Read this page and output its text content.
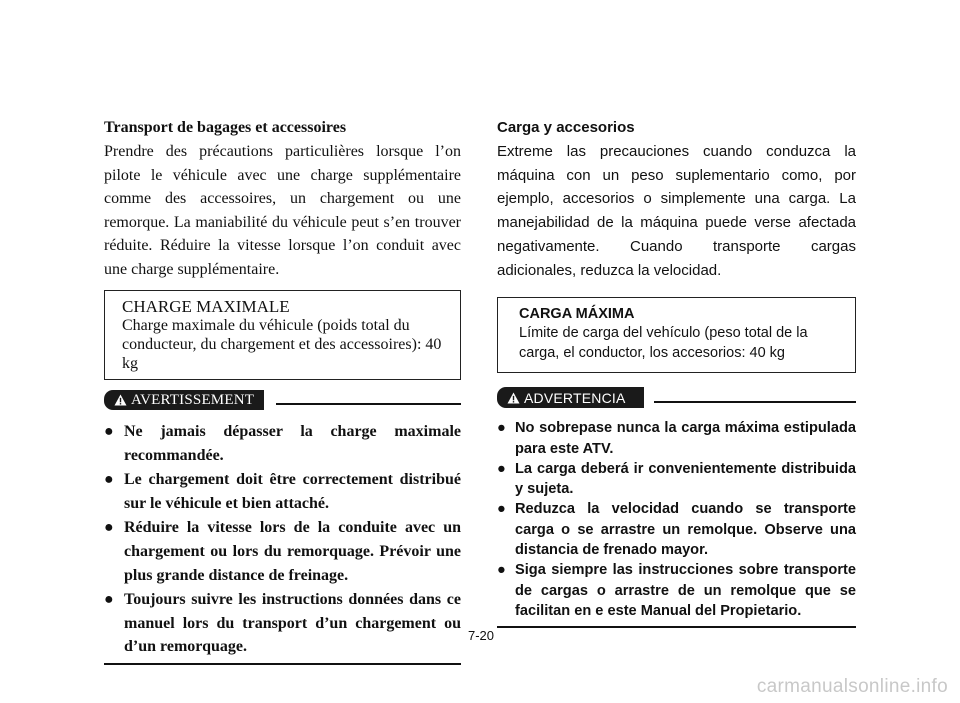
Transport de bagages et accessoires

Prendre des précautions particulières lorsque l’on pilote le véhicule avec une charge supplémentaire comme des accessoires, un chargement ou une remorque. La maniabilité du véhicule peut s’en trouver réduite. Réduire la vitesse lorsque l’on conduit avec une charge supplémentaire.

CHARGE MAXIMALE
Charge maximale du véhicule (poids total du conducteur, du chargement et des accessoires): 40 kg
AVERTISSEMENT
● Ne jamais dépasser la charge maximale recommandée.
● Le chargement doit être correctement distribué sur le véhicule et bien attaché.
● Réduire la vitesse lors de la conduite avec un chargement ou lors du remorquage. Prévoir une plus grande distance de freinage.
● Toujours suivre les instructions données dans ce manuel lors du transport d’un chargement ou d’un remorquage.

Carga y accesorios

Extreme las precauciones cuando conduzca la máquina con un peso suplementario como, por ejemplo, accesorios o simplemente una carga. La manejabilidad de la máquina puede verse afectada negativamente. Cuando transporte cargas adicionales, reduzca la velocidad.

CARGA MÁXIMA
Límite de carga del vehículo (peso total de la carga, el conductor, los accesorios: 40 kg
ADVERTENCIA
● No sobrepase nunca la carga máxima estipulada para este ATV.
● La carga deberá ir convenientemente distribuida y sujeta.
● Reduzca la velocidad cuando se transporte carga o se arrastre un remolque. Observe una distancia de frenado mayor.
● Siga siempre las instrucciones sobre transporte de cargas o arrastre de un remolque que se facilitan en e este Manual del Propietario.
7-20
carmanualsonline.info
